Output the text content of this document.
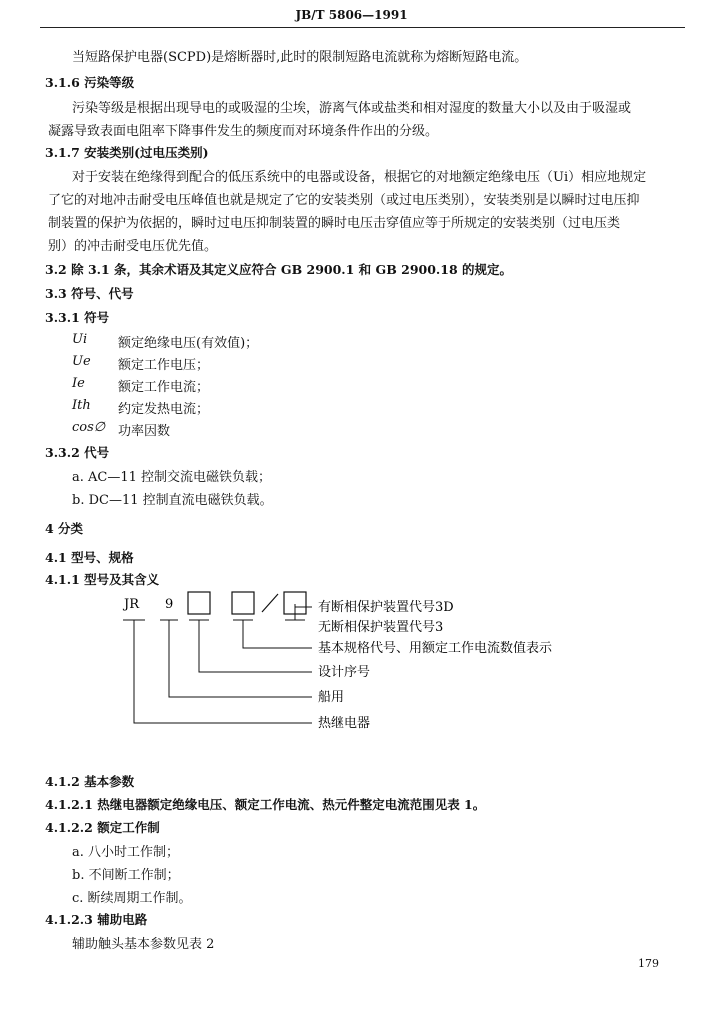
JB/T 5806—1991
当短路保护电器(SCPD)是熔断器时,此时的限制短路电流就称为熔断短路电流。
3.1.6 污染等级
污染等级是根据出现导电的或吸湿的尘埃，游离气体或盐类和相对湿度的数量大小以及由于吸湿或
凝露导致表面电阻率下降事件发生的频度而对环境条件作出的分级。
3.1.7 安装类别(过电压类别)
对于安装在绝缘得到配合的低压系统中的电器或设备，根据它的对地额定绝缘电压（Ui）相应地规定
了它的对地冲击耐受电压峰值也就是规定了它的安装类别（或过电压类别），安装类别是以瞬时过电压抑
制装置的保护为依据的，瞬时过电压抑制装置的瞬时电压击穿值应等于所规定的安装类别（过电压类
别）的冲击耐受电压优先值。
3.2 除 3.1 条，其余术语及其定义应符合 GB 2900.1 和 GB 2900.18 的规定。
3.3 符号、代号
3.3.1 符号
Ui 额定绝缘电压(有效值)；
Ue 额定工作电压；
Ie	额定工作电流；
Ith 约定发热电流；
cos∅ 功率因数
3.3.2 代号
a. AC—11 控制交流电磁铁负载；
b. DC—11 控制直流电磁铁负载。
4 分类
4.1 型号、规格
4.1.1 型号及其含义
JR 9	有断相保护装置代号3D
无断相保护装置代号3
基本规格代号、用额定工作电流数值表示
设计序号
船用
热继电器
4.1.2 基本参数
4.1.2.1 热继电器额定绝缘电压、额定工作电流、热元件整定电流范围见表 1。
4.1.2.2 额定工作制
a. 八小时工作制；
b. 不间断工作制；
c. 断续周期工作制。
4.1.2.3 辅助电路
辅助触头基本参数见表 2
179
